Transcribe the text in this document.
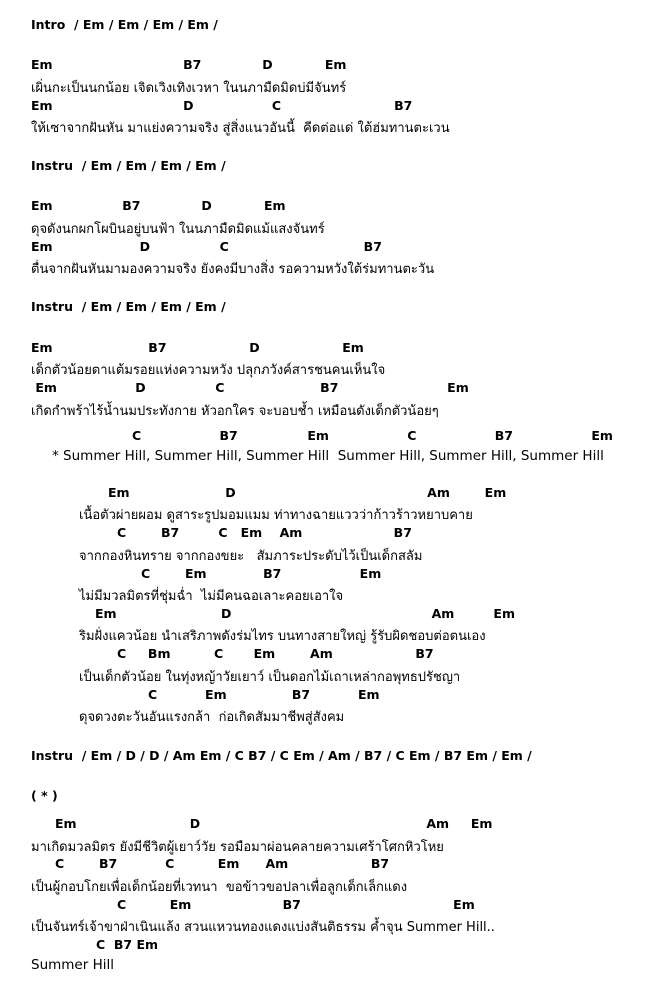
Intro  / Em / Em / Em / Em /
Em                              B7              D            Em
เผิ่นกะเป็นนกน้อย เจิดเวิงเทิงเวหา ในนภามืดมิดบ่มีจันทร์
Em                              D                  C                          B7
ให้เซาจากฝันหัน มาแย่งความจริง สู่สิ่งแนวอันนี้  คีดต่อแด่ ใต้ฮ่มทานตะเวน
Instru  / Em / Em / Em / Em /
Em                B7              D            Em
ดุจดังนกผกโผบินอยู่บนฟ้า ในนภามืดมิดแม้แสงจันทร์
Em                    D                C                               B7
ตื่นจากฝันหันมามองความจริง ยังคงมีบางสิ่ง รอความหวังใต้ร่มทานตะวัน
Instru  / Em / Em / Em / Em /
Em                      B7                   D                   Em
เด็กตัวน้อยตาแต้มรอยแห่งความหวัง ปลุกภวังค์สารชนคนเห็นใจ
Em                  D                C                      B7                         Em
เกิดกำพร้าไร้น้ำนมประทังกาย หัวอกใคร จะบอบช้ำ เหมือนดังเด็กตัวน้อยๆ
C                  B7                Em                  C                  B7                  Em
* Summer Hill, Summer Hill, Summer Hill  Summer Hill, Summer Hill, Summer Hill
Em                      D                                            Am        Em
เนื้อตัวผ่ายผอม ดูสาระรูปมอมแมม ท่าทางฉายแววว่าก้าวร้าวหยาบคาย
C        B7         C   Em    Am                     B7
จากกองหินทราย จากกองขยะ   สัมภาระประดับไว้เป็นเด็กสลัม
C        Em             B7                  Em
ไม่มีมวลมิตรที่ชุ่มฉ่ำ  ไม่มีคนฉอเลาะคอยเอาใจ
Em                        D                                              Am         Em
ริมฝั่งแควน้อย นำเสริภาพดังร่มไทร บนทางสายใหญ่ รู้รับผิดชอบต่อตนเอง
C     Bm          C       Em        Am                   B7
เป็นเด็กตัวน้อย ในทุ่งหญ้าวัยเยาว์ เป็นดอกไม้เถาเหล่ากอพุทธปรัชญา
C           Em               B7           Em
ดุจดวงตะวันอันแรงกล้า  ก่อเกิดสัมมาชีพสู่สังคม
Instru  / Em / D / D / Am Em / C B7 / C Em / Am / B7 / C Em / B7 Em / Em /
( * )
Em                          D                                                    Am     Em
มาเกิดมวลมิตร ยังมีชีวิตผู้เยาว์วัย รอมือมาผ่อนคลายความเศร้าโศกหิวโหย
C        B7           C          Em      Am                   B7
เป็นผู้กอบโกยเพื่อเด็กน้อยที่เวทนา  ขอข้าวขอปลาเพื่อลูกเด็กเล็กแดง
C          Em                     B7                                   Em
เป็นจันทร์เจ้าขาฝ่าเนินแล้ง สวนแหวนทองแดงแบ่งสันติธรรม ค้ำจุน Summer Hill..
C  B7 Em
Summer Hill
